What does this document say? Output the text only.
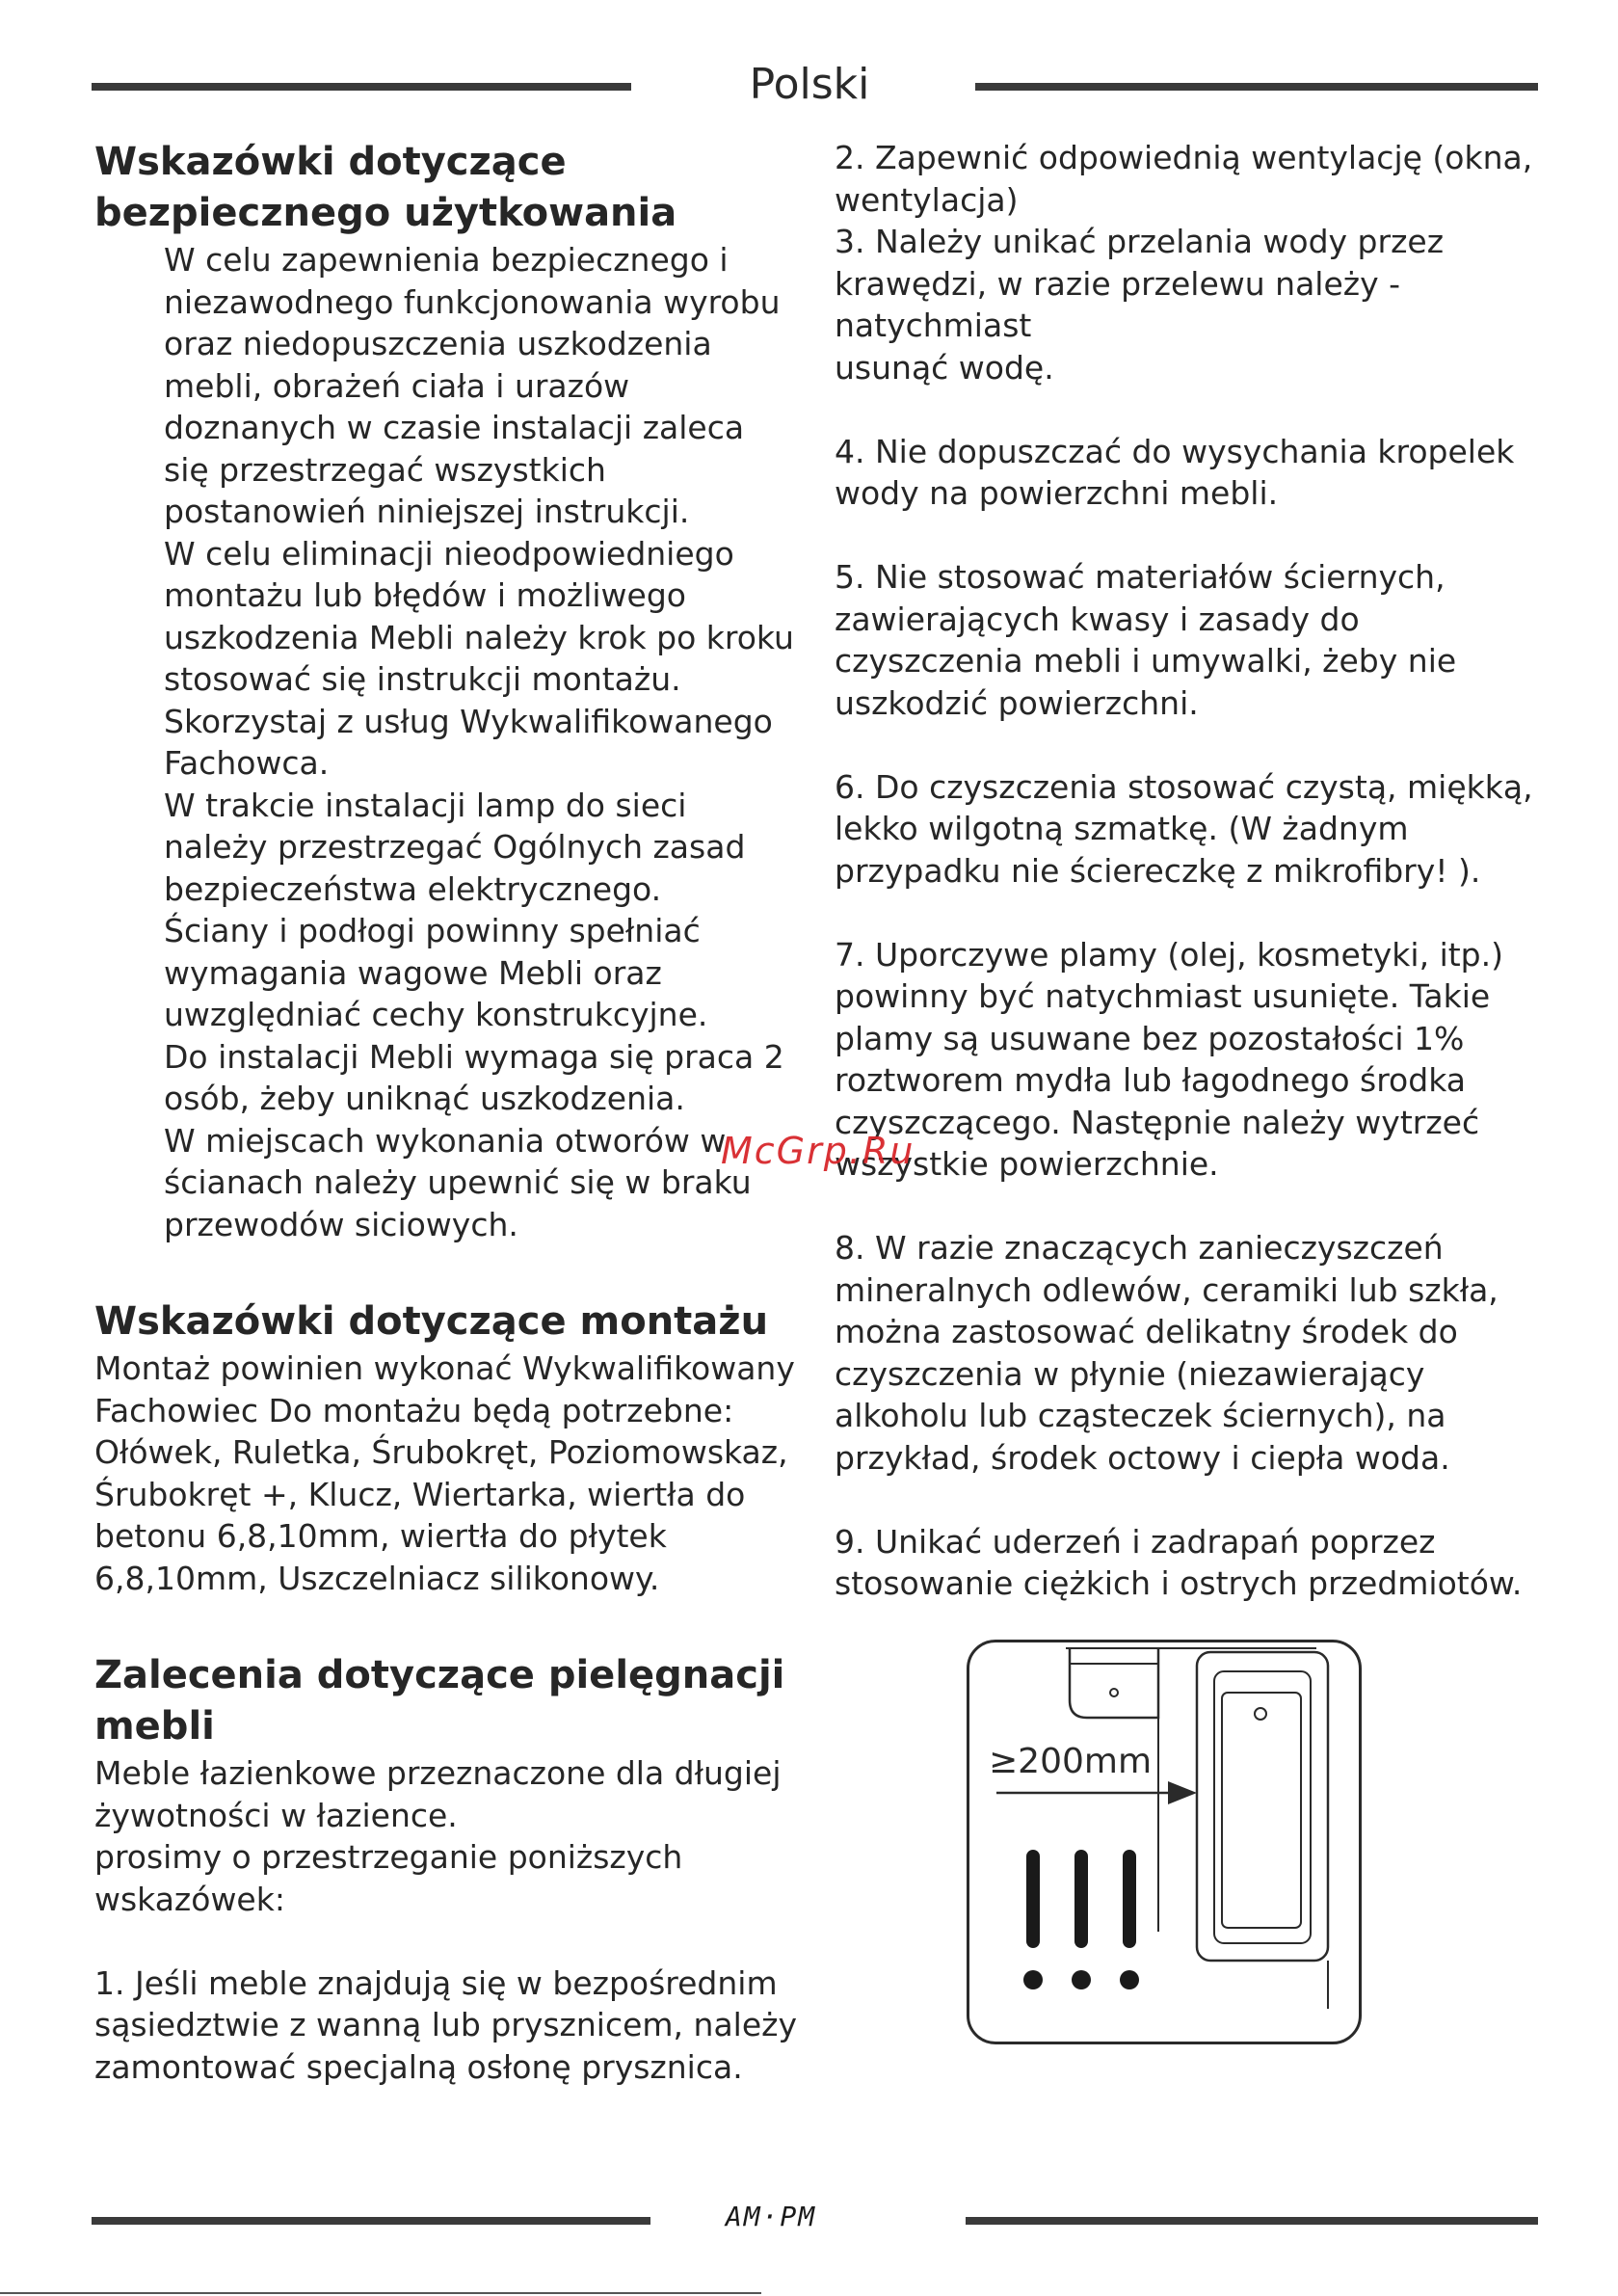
Polski
Wskazówki dotyczące bezpiecznego użytkowania

W celu zapewnienia bezpiecznego i niezawodnego funkcjonowania wyrobu oraz niedopuszczenia uszkodzenia mebli, obrażeń ciała i urazów doznanych w czasie instalacji zaleca się przestrzegać wszystkich postanowień niniejszej instrukcji.

W celu eliminacji nieodpowiedniego montażu lub błędów i możliwego uszkodzenia Mebli należy krok po kroku stosować się instrukcji montażu.

Skorzystaj z usług Wykwalifikowanego Fachowca.

W trakcie instalacji lamp do sieci należy przestrzegać Ogólnych zasad bezpieczeństwa elektrycznego.

Ściany i podłogi powinny spełniać wymagania wagowe Mebli oraz uwzględniać cechy konstrukcyjne.

Do instalacji Mebli wymaga się praca 2 osób, żeby uniknąć uszkodzenia.

W miejscach wykonania otworów w ścianach należy upewnić się w braku przewodów siciowych.

Wskazówki dotyczące montażu

Montaż powinien wykonać Wykwalifikowany Fachowiec Do montażu będą potrzebne: Ołówek, Ruletka, Śrubokręt, Poziomowskaz, Śrubokręt +, Klucz, Wiertarka, wiertła do betonu 6,8,10mm, wiertła do płytek 6,8,10mm, Uszczelniacz silikonowy.

Zalecenia dotyczące pielęgnacji mebli

Meble łazienkowe przeznaczone dla długiej żywotności w łazience.

prosimy o przestrzeganie poniższych wskazówek:

1. Jeśli meble znajdują się w bezpośrednim sąsiedztwie z wanną lub prysznicem, należy zamontować specjalną osłonę prysznica.

2. Zapewnić odpowiednią wentylację (okna, wentylacja)

3. Należy unikać przelania wody przez krawędzi, w razie przelewu należy - natychmiast

usunąć wodę.

4. Nie dopuszczać do wysychania kropelek wody na powierzchni mebli.

5. Nie stosować materiałów ściernych, zawierających kwasy i zasady do czyszczenia mebli i umywalki, żeby nie uszkodzić powierzchni.

6. Do czyszczenia stosować czystą, miękką, lekko wilgotną szmatkę. (W żadnym przypadku nie ściereczkę z mikrofibry! ).

7. Uporczywe plamy (olej, kosmetyki, itp.) powinny być natychmiast usunięte. Takie plamy są usuwane bez pozostałości 1% roztworem mydła lub łagodnego środka czyszczącego. Następnie należy wytrzeć wszystkie powierzchnie.

8. W razie znaczących zanieczyszczeń mineralnych odlewów, ceramiki lub szkła, można zastosować delikatny środek do czyszczenia w płynie (niezawierający alkoholu lub cząsteczek ściernych), na przykład, środek octowy i ciepła woda.

9. Unikać uderzeń i zadrapań poprzez stosowanie ciężkich i ostrych przedmiotów.

≥200mm
McGrp.Ru
AM·PM
